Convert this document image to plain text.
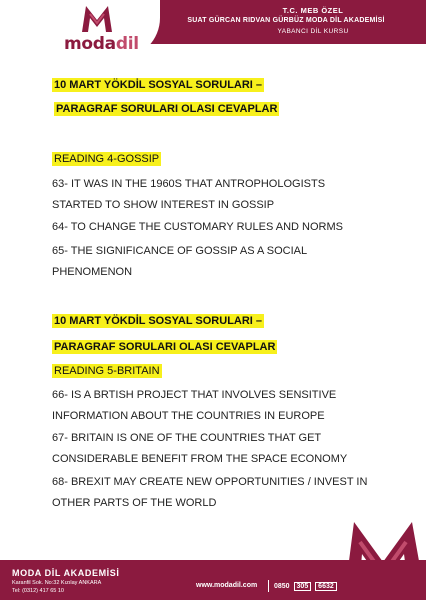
modadil
T.C. MEB ÖZEL
SUAT GÜRCAN RIDVAN GÜRBÜZ MODA DİL AKADEMİSİ
YABANCI DİL KURSU
10 MART YÖKDİL SOSYAL SORULARI –
PARAGRAF SORULARI OLASI CEVAPLAR
READING 4-GOSSIP
63- IT WAS IN THE 1960S THAT ANTROPHOLOGISTS STARTED TO SHOW INTEREST IN GOSSIP
64- TO CHANGE THE CUSTOMARY RULES AND NORMS
65- THE SIGNIFICANCE OF GOSSIP AS A SOCIAL PHENOMENON
10 MART YÖKDİL SOSYAL SORULARI –
PARAGRAF SORULARI OLASI CEVAPLAR
READING 5-BRITAIN
66- IS A BRTISH PROJECT THAT INVOLVES SENSITIVE INFORMATION ABOUT THE COUNTRIES IN EUROPE
67- BRITAIN IS ONE OF THE COUNTRIES THAT GET CONSIDERABLE BENEFIT FROM THE SPACE ECONOMY
68- BREXIT MAY CREATE NEW OPPORTUNITIES / INVEST IN OTHER PARTS OF THE WORLD
MODA DİL AKADEMİSİ
Karanfil Sok. No:32 Kızılay ANKARA
Tel: (0312) 417 65 10
www.modadil.com 0850 305 6632
